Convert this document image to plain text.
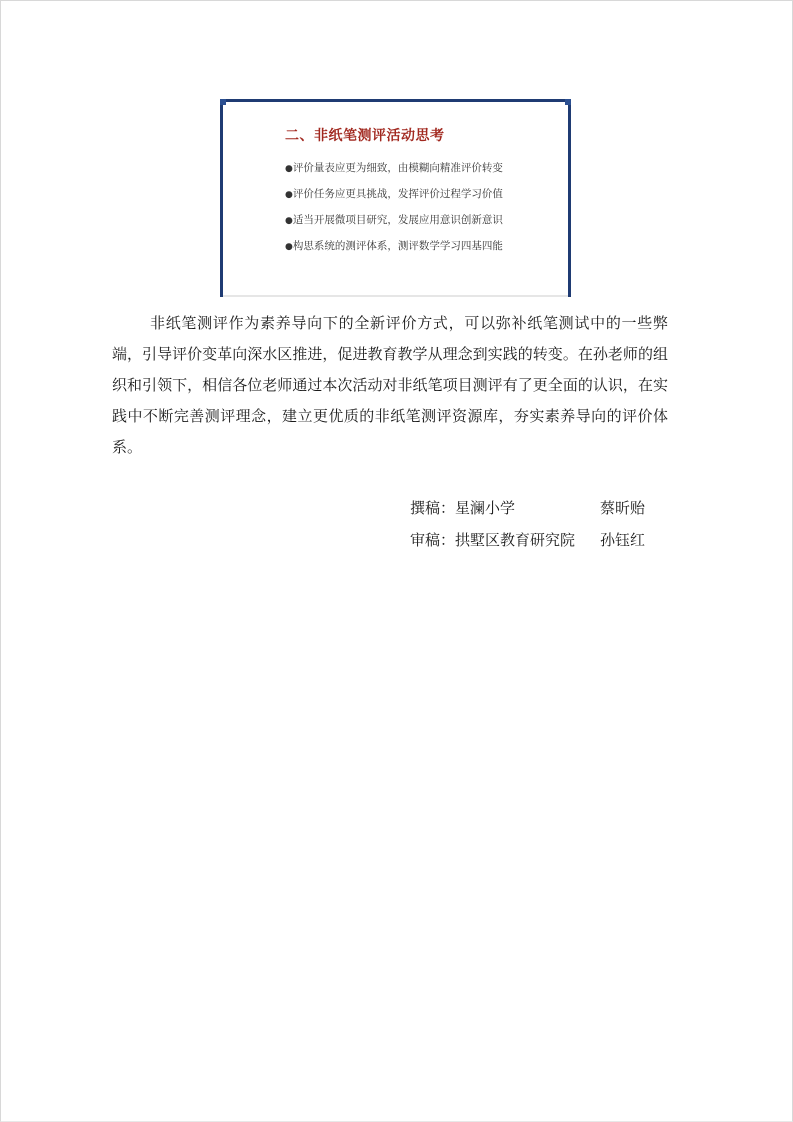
二、非纸笔测评活动思考
●评价量表应更为细致，由模糊向精准评价转变
●评价任务应更具挑战，发挥评价过程学习价值
●适当开展微项目研究，发展应用意识创新意识
●构思系统的测评体系，测评数学学习四基四能

非纸笔测评作为素养导向下的全新评价方式，可以弥补纸笔测试中的一些弊端，引导评价变革向深水区推进，促进教育教学从理念到实践的转变。在孙老师的组织和引领下，相信各位老师通过本次活动对非纸笔项目测评有了更全面的认识，在实践中不断完善测评理念，建立更优质的非纸笔测评资源库，夯实素养导向的评价体系。

撰稿：星澜小学	蔡昕贻
审稿：拱墅区教育研究院 孙钰红
